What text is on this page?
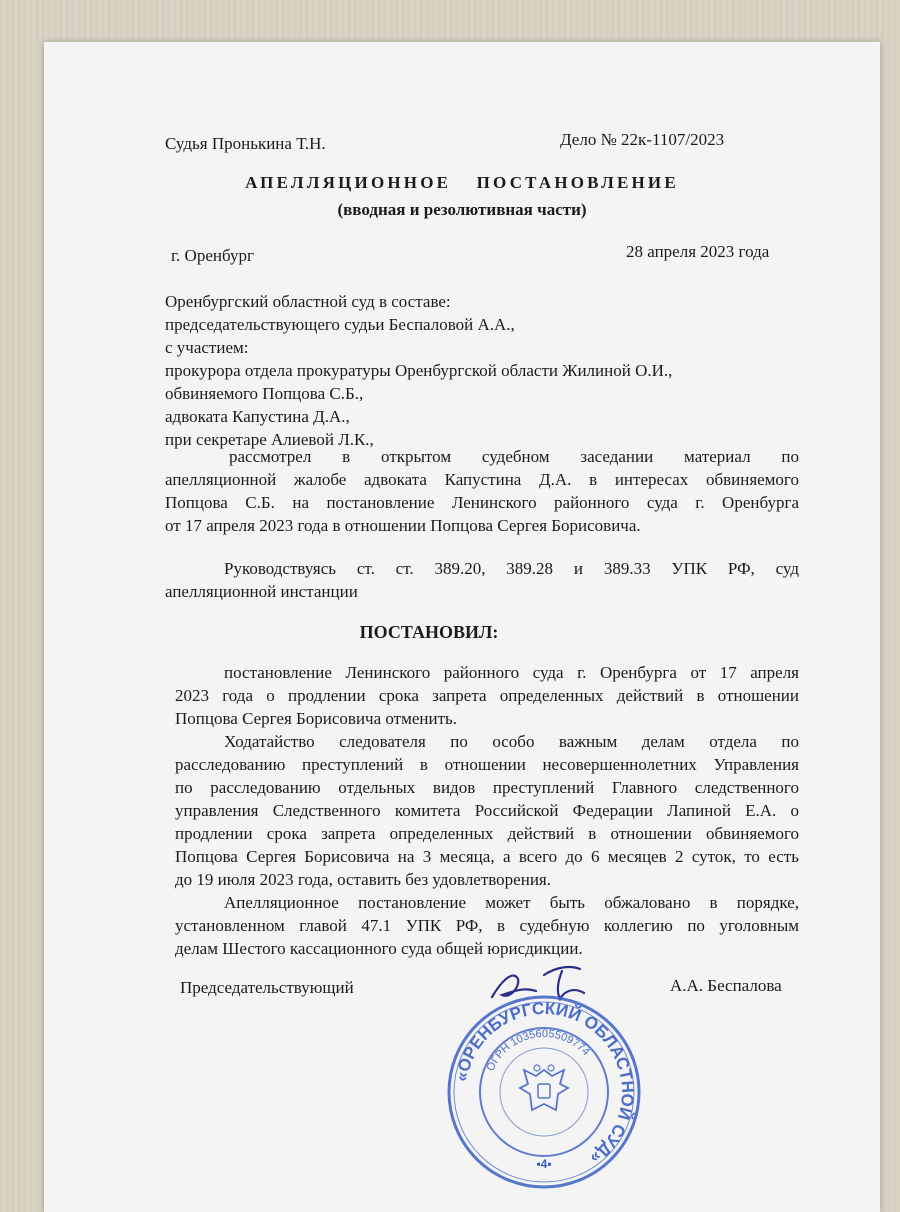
Судья Пронькина Т.Н.	Дело № 22к-1107/2023
АПЕЛЛЯЦИОННОЕ ПОСТАНОВЛЕНИЕ
(вводная и резолютивная части)
г. Оренбург	28 апреля 2023 года
Оренбургский областной суд в составе:
председательствующего судьи Беспаловой А.А.,
с участием:
прокурора отдела прокуратуры Оренбургской области Жилиной О.И.,
обвиняемого Попцова С.Б.,
адвоката Капустина Д.А.,
при секретаре Алиевой Л.К.,
рассмотрел в открытом судебном заседании материал по
апелляционной жалобе адвоката Капустина Д.А. в интересах обвиняемого
Попцова С.Б. на постановление Ленинского районного суда г. Оренбурга
от 17 апреля 2023 года в отношении Попцова Сергея Борисовича.
Руководствуясь ст. ст. 389.20, 389.28 и 389.33 УПК РФ, суд
апелляционной инстанции
ПОСТАНОВИЛ:
постановление Ленинского районного суда г. Оренбурга от 17 апреля
2023 года о продлении срока запрета определенных действий в отношении
Попцова Сергея Борисовича отменить.
Ходатайство следователя по особо важным делам отдела по
расследованию преступлений в отношении несовершеннолетних Управления
по расследованию отдельных видов преступлений Главного следственного
управления Следственного комитета Российской Федерации Лапиной Е.А. о
продлении срока запрета определенных действий в отношении обвиняемого
Попцова Сергея Борисовича на 3 месяца, а всего до 6 месяцев 2 суток, то есть
до 19 июля 2023 года, оставить без удовлетворения.
Апелляционное постановление может быть обжаловано в порядке,
установленном главой 47.1 УПК РФ, в судебную коллегию по уголовным
делам Шестого кассационного суда общей юрисдикции.
Председательствующий	А.А. Беспалова
«ОРЕНБУРГСКИЙ ОБЛАСТНОЙ СУД»
ОГРН 1035605509774
•4•
